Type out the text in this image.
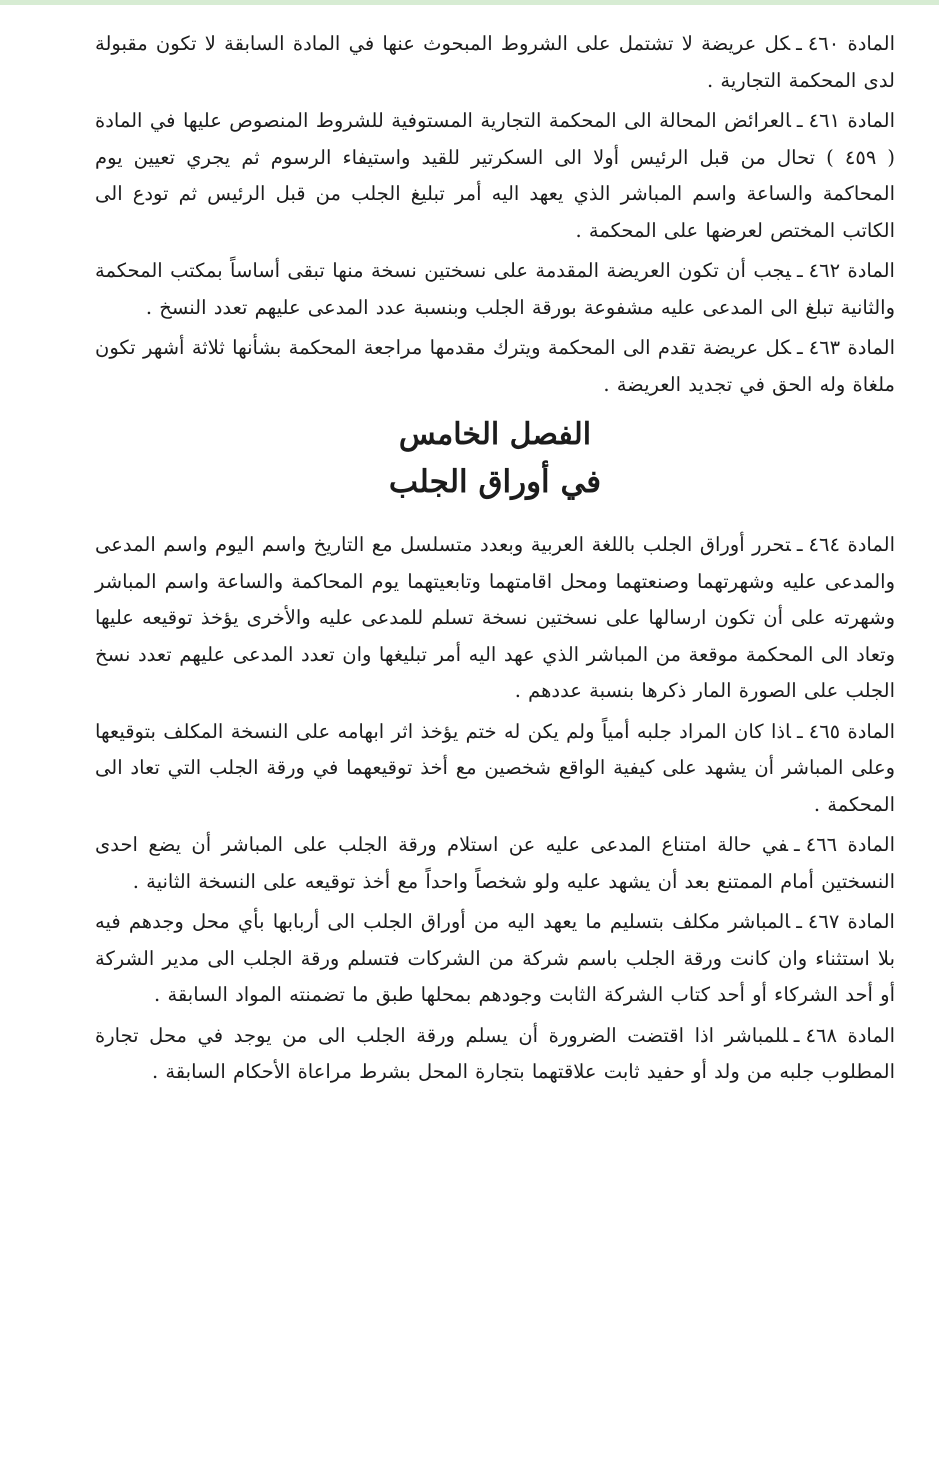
المادة ٤٦٠ـكل عريضة لا تشتمل على الشروط المبحوث عنها في المادة السابقة لا تكون مقبولة لدى المحكمة التجارية .

المادة ٤٦١ـالعرائض المحالة الى المحكمة التجارية المستوفية للشروط المنصوص عليها في المادة ( ٤٥٩ ) تحال من قبل الرئيس أولا الى السكرتير للقيد واستيفاء الرسوم ثم يجري تعيين يوم المحاكمة والساعة واسم المباشر الذي يعهد اليه أمر تبليغ الجلب من قبل الرئيس ثم تودع الى الكاتب المختص لعرضها على المحكمة .

المادة ٤٦٢ـيجب أن تكون العريضة المقدمة على نسختين نسخة منها تبقى أساساً بمكتب المحكمة والثانية تبلغ الى المدعى عليه مشفوعة بورقة الجلب وبنسبة عدد المدعى عليهم تعدد النسخ .

المادة ٤٦٣ـكل عريضة تقدم الى المحكمة ويترك مقدمها مراجعة المحكمة بشأنها ثلاثة أشهر تكون ملغاة وله الحق في تجديد العريضة .

الفصل الخامس
في أوراق الجلب

المادة ٤٦٤ـتحرر أوراق الجلب باللغة العربية وبعدد متسلسل مع التاريخ واسم اليوم واسم المدعى والمدعى عليه وشهرتهما وصنعتهما ومحل اقامتهما وتابعيتهما يوم المحاكمة والساعة واسم المباشر وشهرته على أن تكون ارسالها على نسختين نسخة تسلم للمدعى عليه والأخرى يؤخذ توقيعه عليها وتعاد الى المحكمة موقعة من المباشر الذي عهد اليه أمر تبليغها وان تعدد المدعى عليهم تعدد نسخ الجلب على الصورة المار ذكرها بنسبة عددهم .

المادة ٤٦٥ـاذا كان المراد جلبه أمياً ولم يكن له ختم يؤخذ اثر ابهامه على النسخة المكلف بتوقيعها وعلى المباشر أن يشهد على كيفية الواقع شخصين مع أخذ توقيعهما في ورقة الجلب التي تعاد الى المحكمة .

المادة ٤٦٦ـفي حالة امتناع المدعى عليه عن استلام ورقة الجلب على المباشر أن يضع احدى النسختين أمام الممتنع بعد أن يشهد عليه ولو شخصاً واحداً مع أخذ توقيعه على النسخة الثانية .

المادة ٤٦٧ـالمباشر مكلف بتسليم ما يعهد اليه من أوراق الجلب الى أربابها بأي محل وجدهم فيه بلا استثناء وان كانت ورقة الجلب باسم شركة من الشركات فتسلم ورقة الجلب الى مدير الشركة أو أحد الشركاء أو أحد كتاب الشركة الثابت وجودهم بمحلها طبق ما تضمنته المواد السابقة .

المادة ٤٦٨ـللمباشر اذا اقتضت الضرورة أن يسلم ورقة الجلب الى من يوجد في محل تجارة المطلوب جلبه من ولد أو حفيد ثابت علاقتهما بتجارة المحل بشرط مراعاة الأحكام السابقة .
